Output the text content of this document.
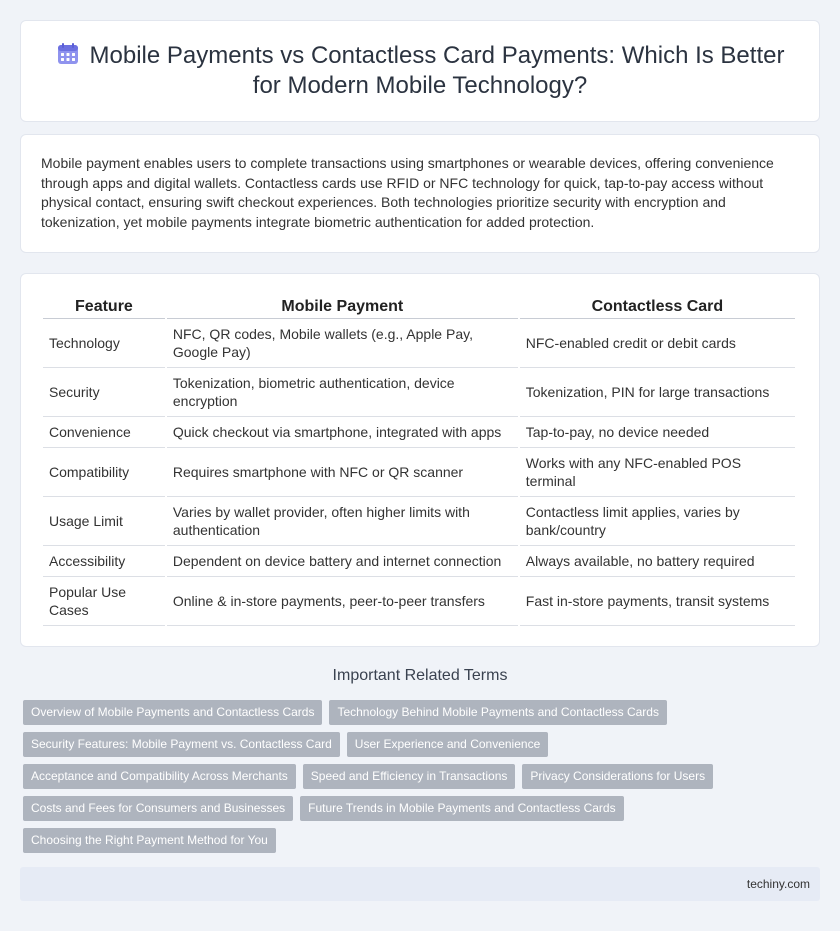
Mobile Payments vs Contactless Card Payments: Which Is Better for Modern Mobile Technology?

Mobile payment enables users to complete transactions using smartphones or wearable devices, offering convenience through apps and digital wallets. Contactless cards use RFID or NFC technology for quick, tap-to-pay access without physical contact, ensuring swift checkout experiences. Both technologies prioritize security with encryption and tokenization, yet mobile payments integrate biometric authentication for added protection.

Feature	Mobile Payment	Contactless Card
Technology	NFC, QR codes, Mobile wallets (e.g., Apple Pay, Google Pay)	NFC-enabled credit or debit cards
Security	Tokenization, biometric authentication, device encryption	Tokenization, PIN for large transactions
Convenience	Quick checkout via smartphone, integrated with apps	Tap-to-pay, no device needed
Compatibility	Requires smartphone with NFC or QR scanner	Works with any NFC-enabled POS terminal
Usage Limit	Varies by wallet provider, often higher limits with authentication	Contactless limit applies, varies by bank/country
Accessibility	Dependent on device battery and internet connection	Always available, no battery required
Popular Use Cases	Online & in-store payments, peer-to-peer transfers	Fast in-store payments, transit systems
Important Related Terms
Overview of Mobile Payments and Contactless Cards	Technology Behind Mobile Payments and Contactless Cards
Security Features: Mobile Payment vs. Contactless Card	User Experience and Convenience
Acceptance and Compatibility Across Merchants	Speed and Efficiency in Transactions	Privacy Considerations for Users
Costs and Fees for Consumers and Businesses	Future Trends in Mobile Payments and Contactless Cards
Choosing the Right Payment Method for You
techiny.com
